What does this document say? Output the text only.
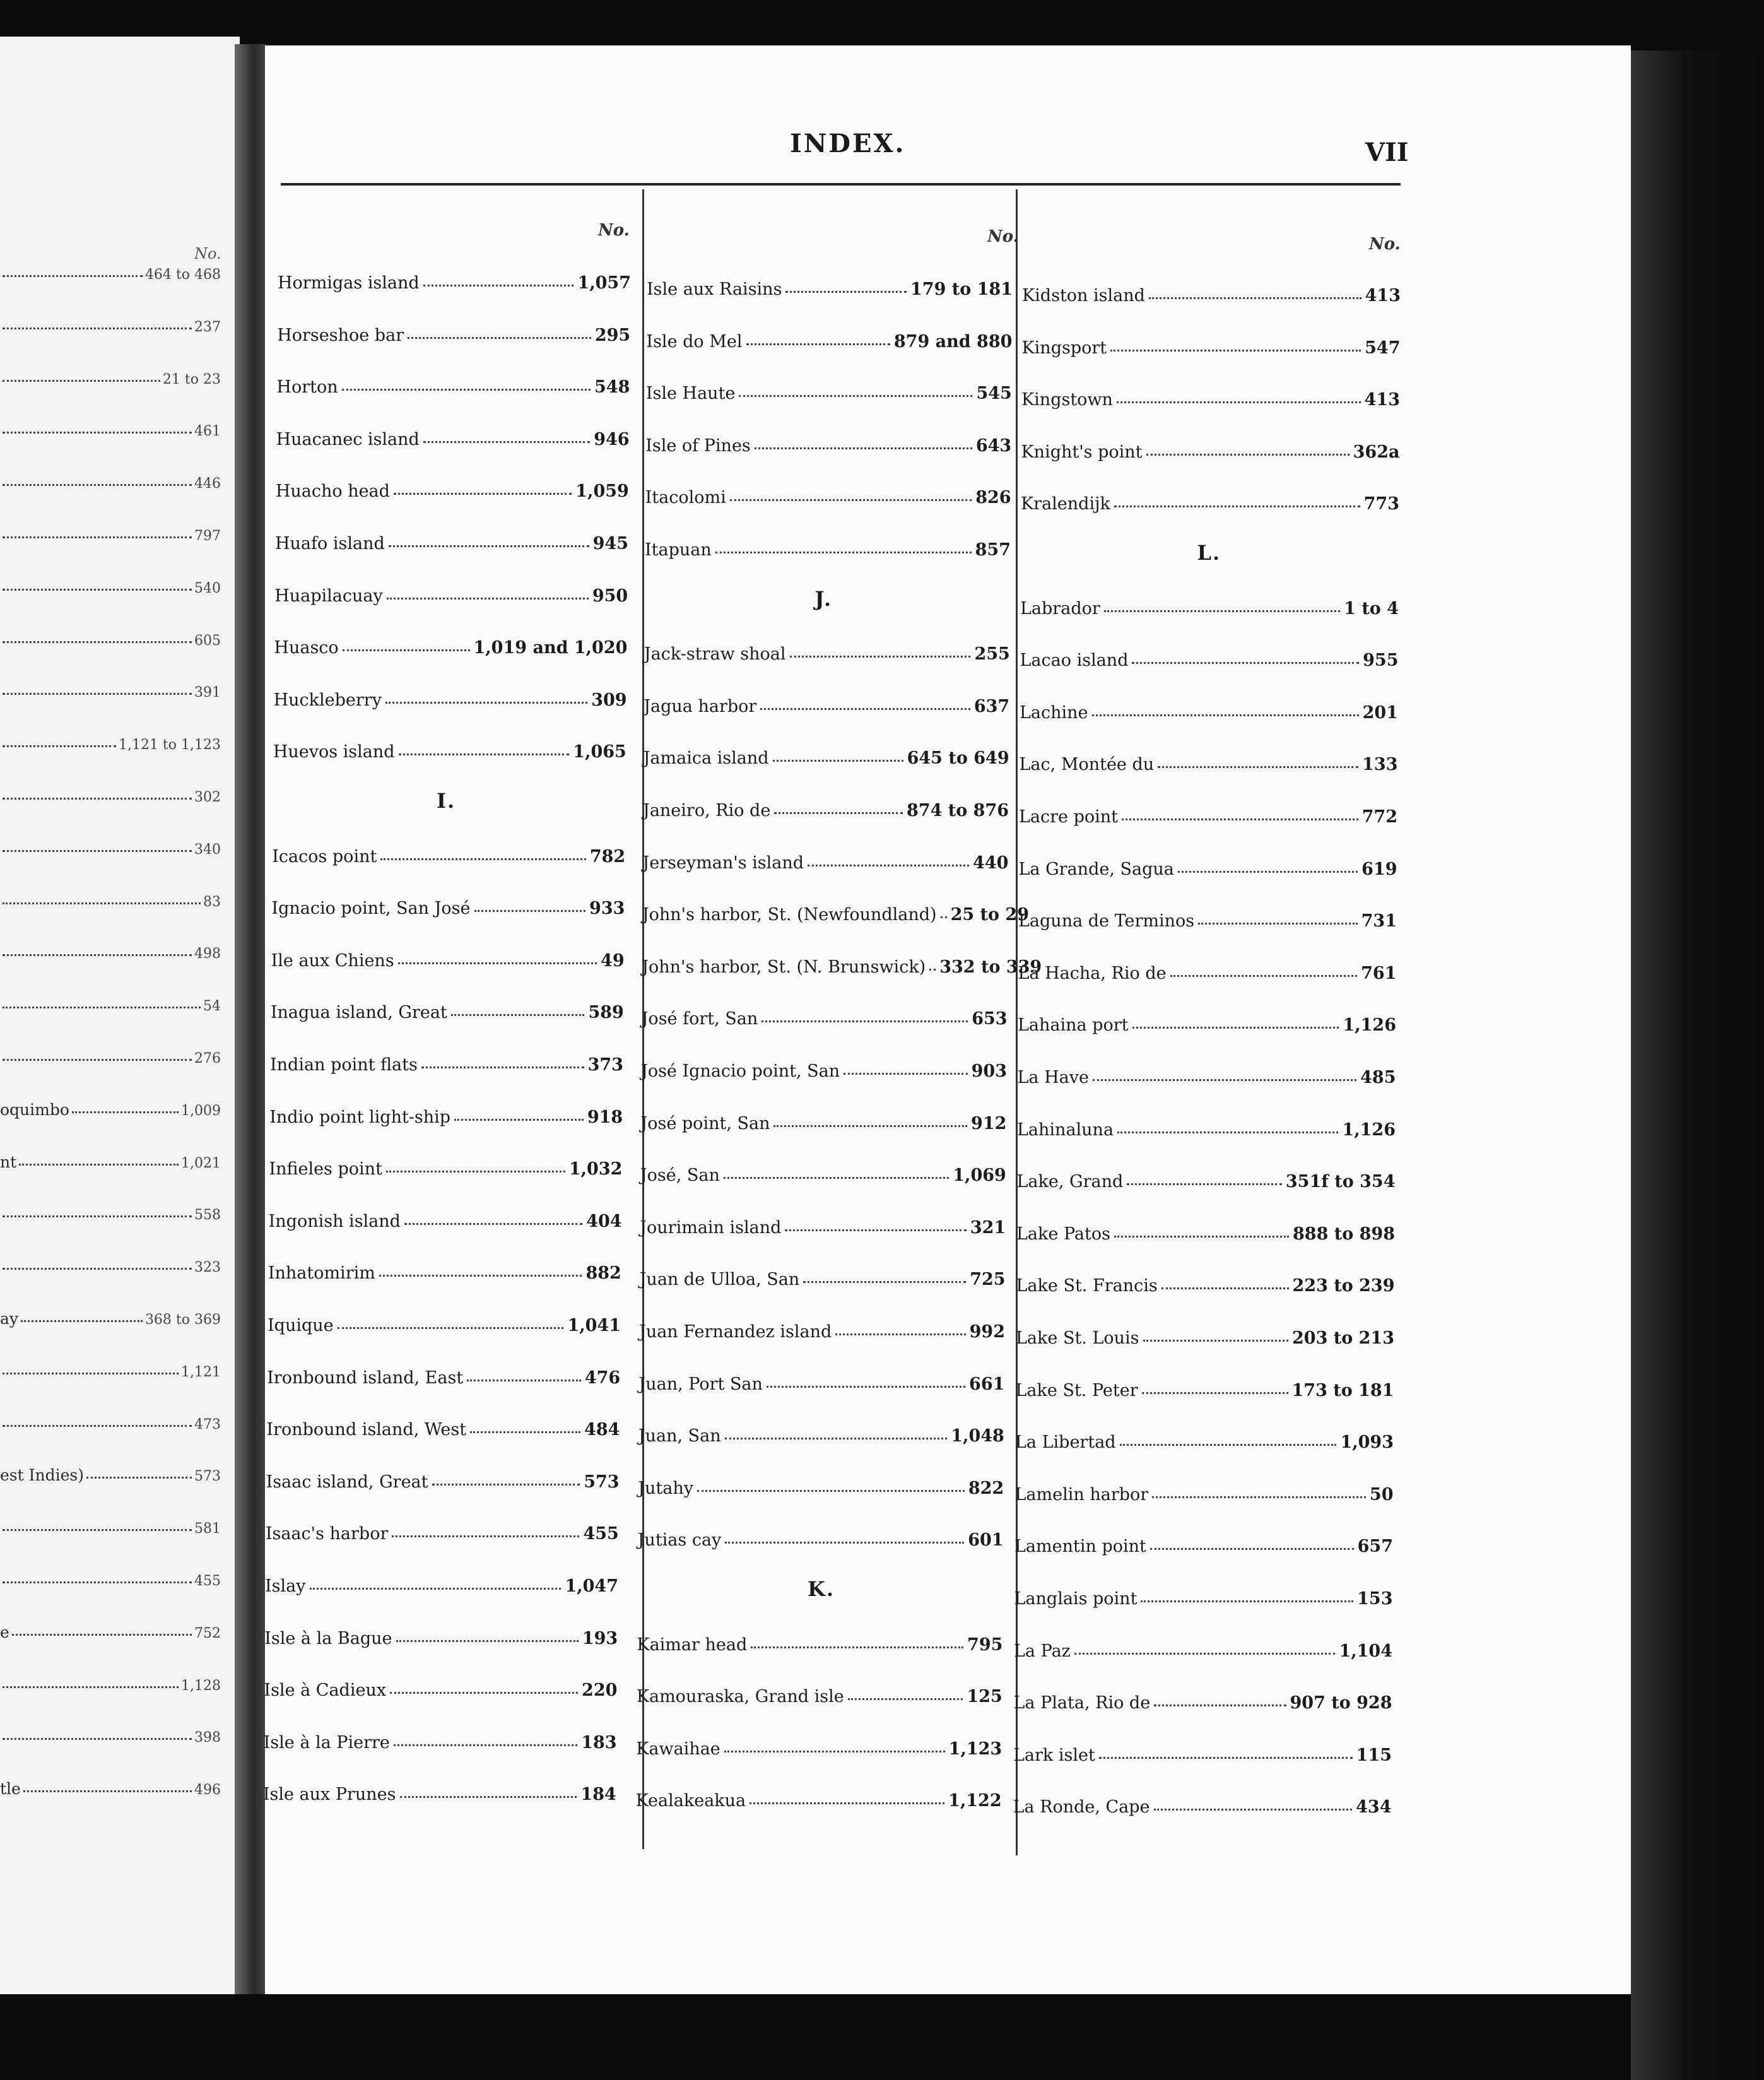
No.
INDEX.	VII
464 to 468
237
21 to 23
461
446
797
540
605
391
1,121 to 1,123
302
340
83
498
54
276
oquimbo	1,009
nt	1,021
558
323
ay	368 to 369
1,121
473
est Indies)	573
581
455
e	752
1,128
398
tle	496
No.
Hormigas island	1,057
Horseshoe bar	295
Horton	548
Huacanec island	946
Huacho head	1,059
Huafo island	945
Huapilacuay	950
Huasco	1,019 and 1,020
Huckleberry	309
Huevos island	1,065
I.
Icacos point	782
Ignacio point, San José	933
Ile aux Chiens	49
Inagua island, Great	589
Indian point flats	373
Indio point light-ship	918
Infieles point	1,032
Ingonish island	404
Inhatomirim	882
Iquique	1,041
Ironbound island, East	476
Ironbound island, West	484
Isaac island, Great	573
Isaac's harbor	455
Islay	1,047
Isle à la Bague	193
Isle à Cadieux	220
Isle à la Pierre	183
Isle aux Prunes	184
No.
Isle aux Raisins	179 to 181
Isle do Mel	879 and 880
Isle Haute	545
Isle of Pines	643
Itacolomi	826
Itapuan	857
J.
Jack-straw shoal	255
Jagua harbor	637
Jamaica island	645 to 649
Janeiro, Rio de	874 to 876
Jerseyman's island	440
John's harbor, St. (Newfoundland) 25 to 29
John's harbor, St. (N. Brunswick) 332 to 339
José fort, San	653
José Ignacio point, San	903
José point, San	912
José, San	1,069
Jourimain island	321
Juan de Ulloa, San	725
Juan Fernandez island	992
Juan, Port San	661
Juan, San	1,048
Jutahy	822
Jutias cay	601
K.
Kaimar head	795
Kamouraska, Grand isle	125
Kawaihae	1,123
Kealakeakua	1,122
No.
Kidston island	413
Kingsport	547
Kingstown	413
Knight's point	362a
Kralendijk	773
L.
Labrador	1 to 4
Lacao island	955
Lachine	201
Lac, Montée du	133
Lacre point	772
La Grande, Sagua	619
Laguna de Terminos	731
La Hacha, Rio de	761
Lahaina port	1,126
La Have	485
Lahinaluna	1,126
Lake, Grand	351f to 354
Lake Patos	888 to 898
Lake St. Francis	223 to 239
Lake St. Louis	203 to 213
Lake St. Peter	173 to 181
La Libertad	1,093
Lamelin harbor	50
Lamentin point	657
Langlais point	153
La Paz	1,104
La Plata, Rio de	907 to 928
Lark islet	115
La Ronde, Cape	434
